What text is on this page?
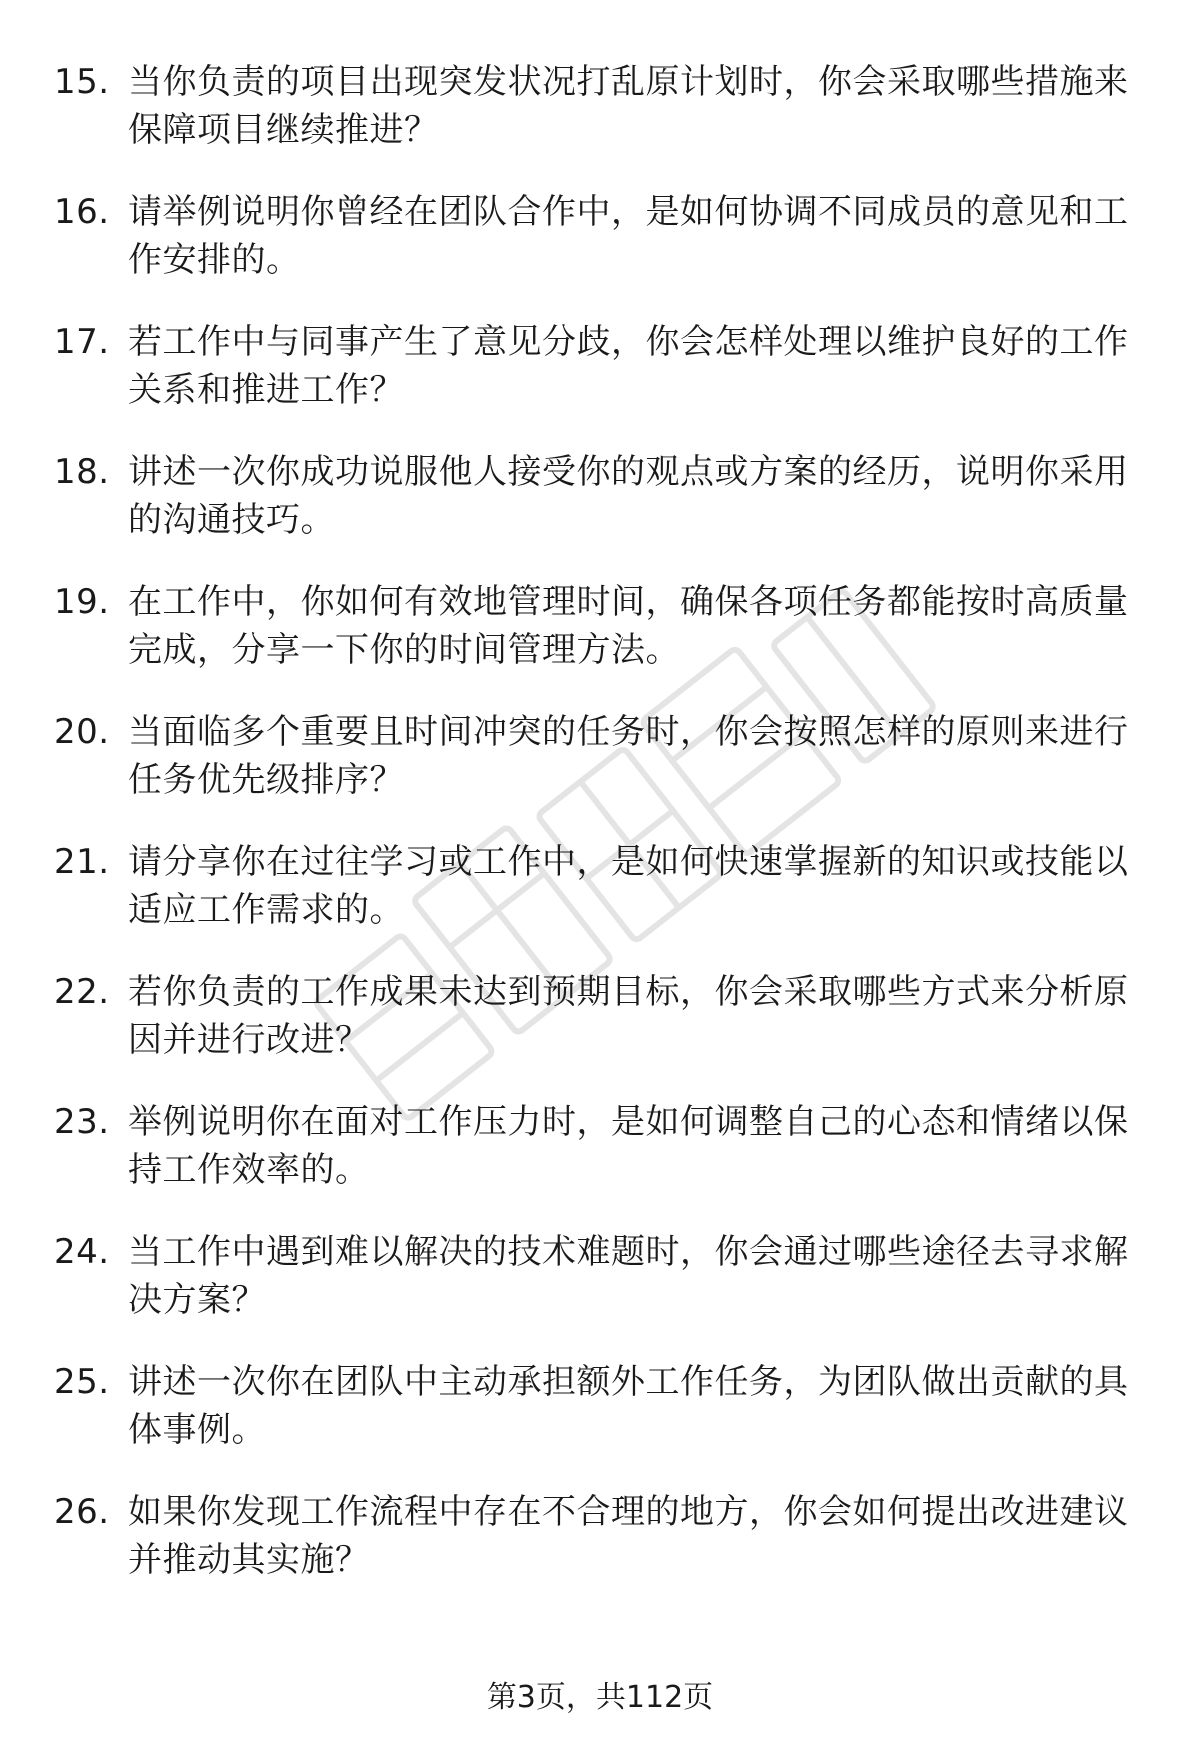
15. 当你负责的项目出现突发状况打乱原计划时，你会采取哪些措施来保障项目继续推进？
16. 请举例说明你曾经在团队合作中，是如何协调不同成员的意见和工作安排的。
17. 若工作中与同事产生了意见分歧，你会怎样处理以维护良好的工作关系和推进工作？
18. 讲述一次你成功说服他人接受你的观点或方案的经历，说明你采用的沟通技巧。
19. 在工作中，你如何有效地管理时间，确保各项任务都能按时高质量完成，分享一下你的时间管理方法。
20. 当面临多个重要且时间冲突的任务时，你会按照怎样的原则来进行任务优先级排序？
21. 请分享你在过往学习或工作中，是如何快速掌握新的知识或技能以适应工作需求的。
22. 若你负责的工作成果未达到预期目标，你会采取哪些方式来分析原因并进行改进？
23. 举例说明你在面对工作压力时，是如何调整自己的心态和情绪以保持工作效率的。
24. 当工作中遇到难以解决的技术难题时，你会通过哪些途径去寻求解决方案？
25. 讲述一次你在团队中主动承担额外工作任务，为团队做出贡献的具体事例。
26. 如果你发现工作流程中存在不合理的地方，你会如何提出改进建议并推动其实施？
第3页，共112页
